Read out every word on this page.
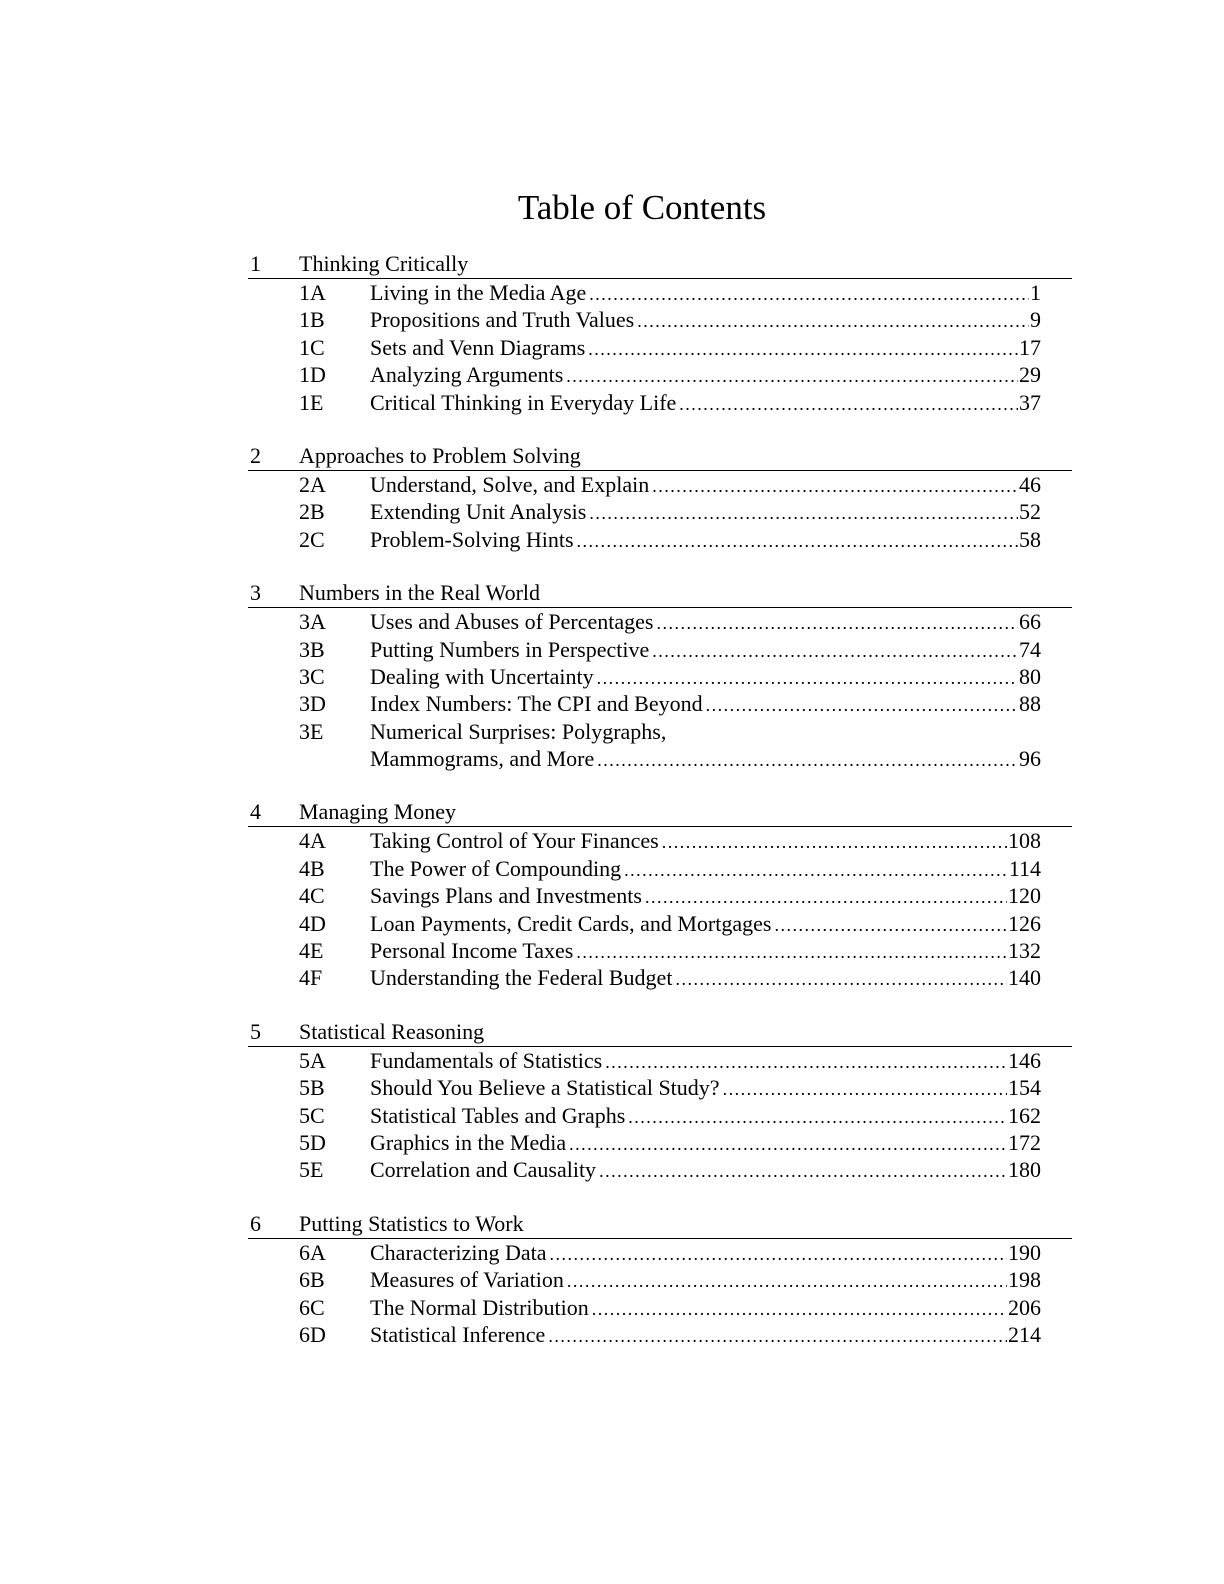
Table of Contents
1 Thinking Critically
1A Living in the Media Age .....	1
1B Propositions and Truth Values .....	9
1C Sets and Venn Diagrams .....	17
1D Analyzing Arguments .....	29
1E Critical Thinking in Everyday Life .....	37
2 Approaches to Problem Solving
2A Understand, Solve, and Explain .....	46
2B Extending Unit Analysis .....	52
2C Problem-Solving Hints .....	58
3 Numbers in the Real World
3A Uses and Abuses of Percentages .....	66
3B Putting Numbers in Perspective .....	74
3C Dealing with Uncertainty .....	80
3D Index Numbers: The CPI and Beyond .....	88
3E Numerical Surprises: Polygraphs,
Mammograms, and More .....	96
4 Managing Money
4A Taking Control of Your Finances .....	108
4B The Power of Compounding .....	114
4C Savings Plans and Investments .....	120
4D Loan Payments, Credit Cards, and Mortgages .....	126
4E Personal Income Taxes .....	132
4F Understanding the Federal Budget .....	140
5 Statistical Reasoning
5A Fundamentals of Statistics .....	146
5B Should You Believe a Statistical Study? .....	154
5C Statistical Tables and Graphs .....	162
5D Graphics in the Media .....	172
5E Correlation and Causality .....	180
6 Putting Statistics to Work
6A Characterizing Data .....	190
6B Measures of Variation .....	198
6C The Normal Distribution .....	206
6D Statistical Inference .....	214
